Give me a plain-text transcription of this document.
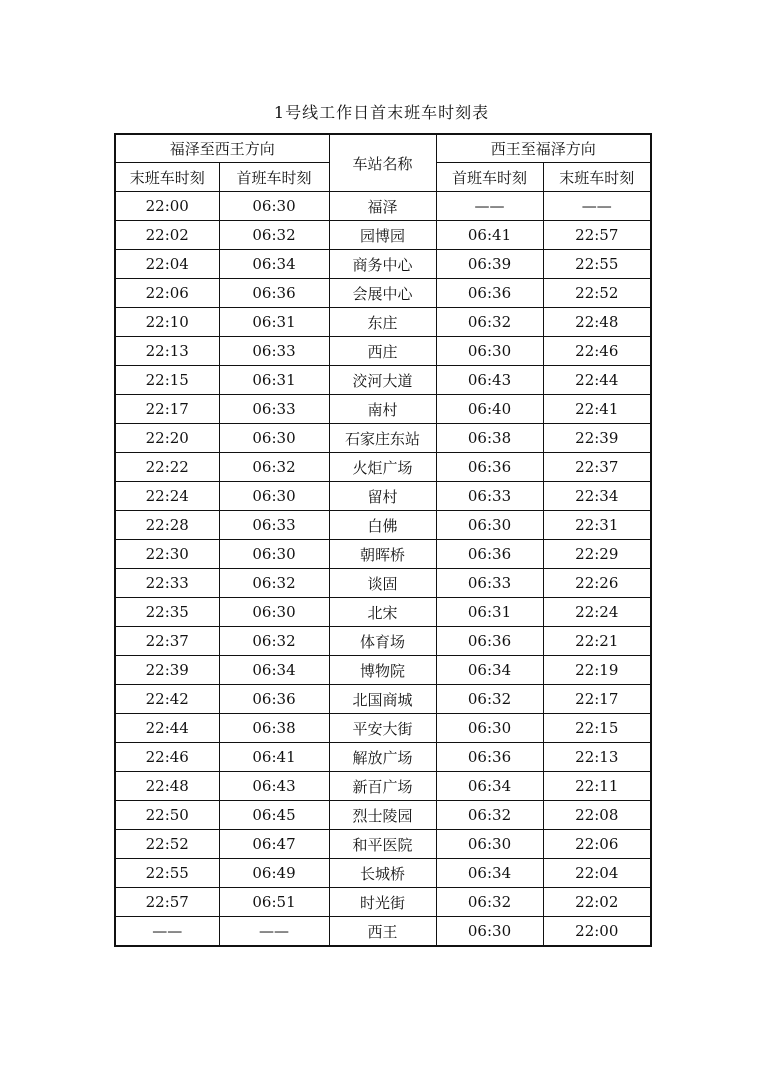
1号线工作日首末班车时刻表
福泽至西王方向		车站名称	西王至福泽方向	
末班车时刻	首班车时刻		首班车时刻	末班车时刻
22:00	06:30	福泽	——	——
22:02	06:32	园博园	06:41	22:57
22:04	06:34	商务中心	06:39	22:55
22:06	06:36	会展中心	06:36	22:52
22:10	06:31	东庄	06:32	22:48
22:13	06:33	西庄	06:30	22:46
22:15	06:31	洨河大道	06:43	22:44
22:17	06:33	南村	06:40	22:41
22:20	06:30	石家庄东站	06:38	22:39
22:22	06:32	火炬广场	06:36	22:37
22:24	06:30	留村	06:33	22:34
22:28	06:33	白佛	06:30	22:31
22:30	06:30	朝晖桥	06:36	22:29
22:33	06:32	谈固	06:33	22:26
22:35	06:30	北宋	06:31	22:24
22:37	06:32	体育场	06:36	22:21
22:39	06:34	博物院	06:34	22:19
22:42	06:36	北国商城	06:32	22:17
22:44	06:38	平安大街	06:30	22:15
22:46	06:41	解放广场	06:36	22:13
22:48	06:43	新百广场	06:34	22:11
22:50	06:45	烈士陵园	06:32	22:08
22:52	06:47	和平医院	06:30	22:06
22:55	06:49	长城桥	06:34	22:04
22:57	06:51	时光街	06:32	22:02
——	——	西王	06:30	22:00
